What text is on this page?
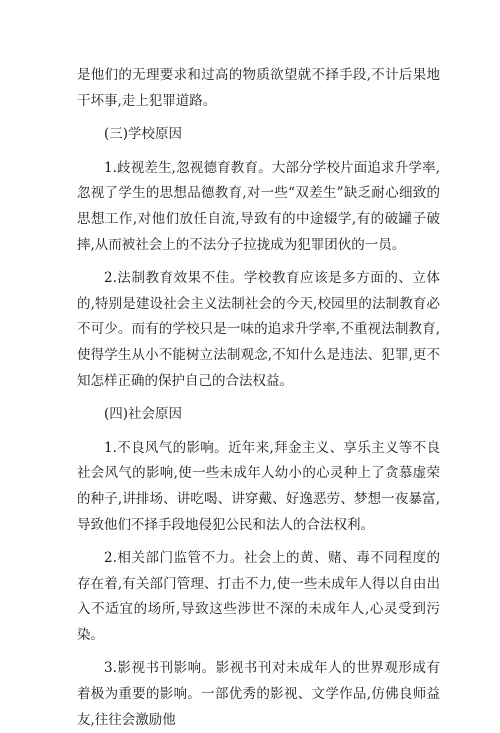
是他们的无理要求和过高的物质欲望就不择手段,不计后果地干坏事,走上犯罪道路。

(三)学校原因

1.歧视差生,忽视德育教育。大部分学校片面追求升学率,忽视了学生的思想品德教育,对一些“双差生”缺乏耐心细致的思想工作,对他们放任自流,导致有的中途辍学,有的破罐子破摔,从而被社会上的不法分子拉拢成为犯罪团伙的一员。

2.法制教育效果不佳。学校教育应该是多方面的、立体的,特别是建设社会主义法制社会的今天,校园里的法制教育必不可少。而有的学校只是一味的追求升学率,不重视法制教育,使得学生从小不能树立法制观念,不知什么是违法、犯罪,更不知怎样正确的保护自己的合法权益。

(四)社会原因

1.不良风气的影响。近年来,拜金主义、享乐主义等不良社会风气的影响,使一些未成年人幼小的心灵种上了贪慕虚荣的种子,讲排场、讲吃喝、讲穿戴、好逸恶劳、梦想一夜暴富,导致他们不择手段地侵犯公民和法人的合法权利。

2.相关部门监管不力。社会上的黄、赌、毒不同程度的存在着,有关部门管理、打击不力,使一些未成年人得以自由出入不适宜的场所,导致这些涉世不深的未成年人,心灵受到污染。

3.影视书刊影响。影视书刊对未成年人的世界观形成有着极为重要的影响。一部优秀的影视、文学作品,仿佛良师益友,往往会激励他
